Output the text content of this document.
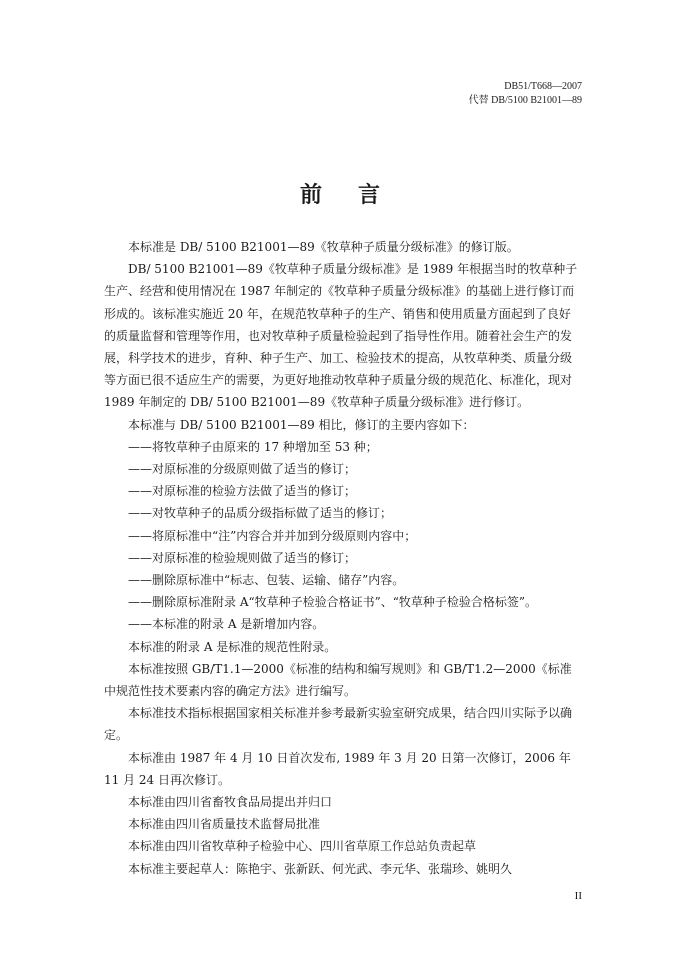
DB51/T668—2007
代替 DB/5100 B21001—89
前言

本标准是 DB/ 5100 B21001—89《牧草种子质量分级标准》的修订版。

DB/ 5100 B21001—89《牧草种子质量分级标准》是 1989 年根据当时的牧草种子生产、经营和使用情况在 1987 年制定的《牧草种子质量分级标准》的基础上进行修订而形成的。该标准实施近 20 年，在规范牧草种子的生产、销售和使用质量方面起到了良好的质量监督和管理等作用，也对牧草种子质量检验起到了指导性作用。随着社会生产的发展，科学技术的进步，育种、种子生产、加工、检验技术的提高，从牧草种类、质量分级等方面已很不适应生产的需要，为更好地推动牧草种子质量分级的规范化、标准化，现对 1989 年制定的 DB/ 5100 B21001—89《牧草种子质量分级标准》进行修订。

本标准与 DB/ 5100 B21001—89 相比，修订的主要内容如下：

——将牧草种子由原来的 17 种增加至 53 种；

——对原标准的分级原则做了适当的修订；

——对原标准的检验方法做了适当的修订；

——对牧草种子的品质分级指标做了适当的修订；

——将原标准中“注”内容合并并加到分级原则内容中；

——对原标准的检验规则做了适当的修订；

——删除原标准中“标志、包装、运输、储存”内容。

——删除原标准附录 A“牧草种子检验合格证书”、“牧草种子检验合格标签”。

——本标准的附录 A 是新增加内容。

本标准的附录 A 是标准的规范性附录。

本标准按照 GB/T1.1—2000《标准的结构和编写规则》和 GB/T1.2—2000《标准中规范性技术要素内容的确定方法》进行编写。

本标准技术指标根据国家相关标准并参考最新实验室研究成果，结合四川实际予以确定。

本标准由 1987 年 4 月 10 日首次发布, 1989 年 3 月 20 日第一次修订，2006 年 11 月 24 日再次修订。

本标准由四川省畜牧食品局提出并归口

本标准由四川省质量技术监督局批准

本标准由四川省牧草种子检验中心、四川省草原工作总站负责起草

本标准主要起草人：陈艳宇、张新跃、何光武、李元华、张瑞珍、姚明久

II
